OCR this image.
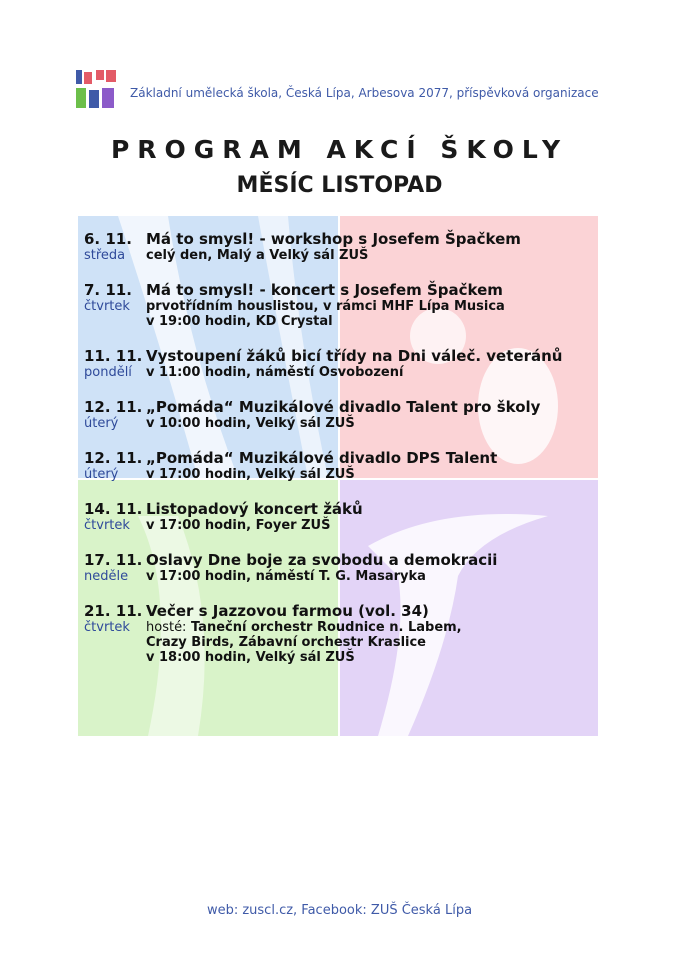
Základní umělecká škola, Česká Lípa, Arbesova 2077, příspěvková organizace
PROGRAM AKCÍ ŠKOLY
MĚSÍC LISTOPAD
6. 11. Má to smysl! - workshop s Josefem Špačkem
středa	celý den, Malý a Velký sál ZUŠ
7. 11. Má to smysl! - koncert s Josefem Špačkem
čtvrtek	prvotřídním houslistou, v rámci MHF Lípa Musica
v 19:00 hodin, KD Crystal
11. 11. Vystoupení žáků bicí třídy na Dni váleč. veteránů
pondělí	v 11:00 hodin, náměstí Osvobození
12. 11. „Pomáda“ Muzikálové divadlo Talent pro školy
úterý	v 10:00 hodin, Velký sál ZUŠ
12. 11. „Pomáda“ Muzikálové divadlo DPS Talent
úterý	v 17:00 hodin, Velký sál ZUŠ
14. 11. Listopadový koncert žáků
čtvrtek	v 17:00 hodin, Foyer ZUŠ
17. 11. Oslavy Dne boje za svobodu a demokracii
neděle	v 17:00 hodin, náměstí T. G. Masaryka
21. 11. Večer s Jazzovou farmou (vol. 34)
čtvrtek	hosté: Taneční orchestr Roudnice n. Labem,
Crazy Birds, Zábavní orchestr Kraslice
v 18:00 hodin, Velký sál ZUŠ
web: zuscl.cz, Facebook: ZUŠ Česká Lípa
